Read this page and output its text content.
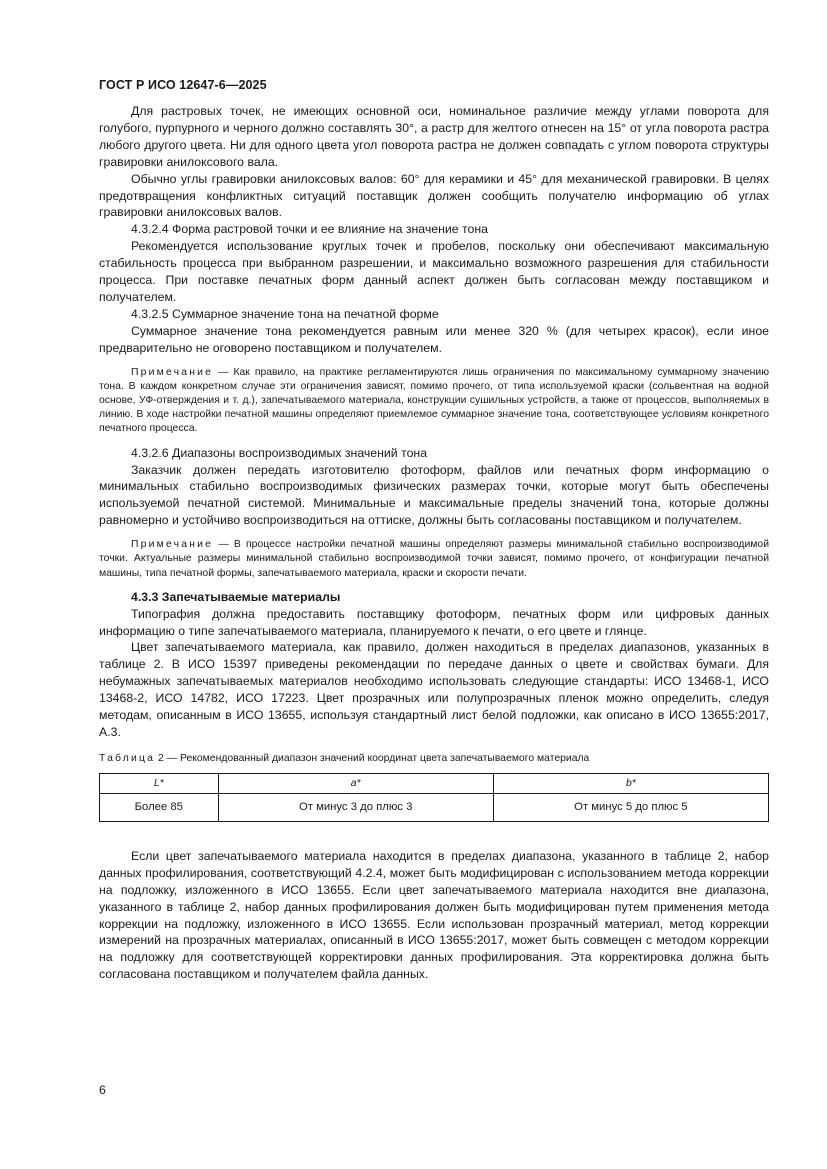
ГОСТ Р ИСО 12647-6—2025

Для растровых точек, не имеющих основной оси, номинальное различие между углами поворота для голубого, пурпурного и черного должно составлять 30°, а растр для желтого отнесен на 15° от угла поворота растра любого другого цвета. Ни для одного цвета угол поворота растра не должен совпадать с углом поворота структуры гравировки анилоксового вала.

Обычно углы гравировки анилоксовых валов: 60° для керамики и 45° для механической гравировки. В целях предотвращения конфликтных ситуаций поставщик должен сообщить получателю информацию об углах гравировки анилоксовых валов.

4.3.2.4 Форма растровой точки и ее влияние на значение тона

Рекомендуется использование круглых точек и пробелов, поскольку они обеспечивают максимальную стабильность процесса при выбранном разрешении, и максимально возможного разрешения для стабильности процесса. При поставке печатных форм данный аспект должен быть согласован между поставщиком и получателем.

4.3.2.5 Суммарное значение тона на печатной форме

Суммарное значение тона рекомендуется равным или менее 320 % (для четырех красок), если иное предварительно не оговорено поставщиком и получателем.

Примечание — Как правило, на практике регламентируются лишь ограничения по максимальному суммарному значению тона. В каждом конкретном случае эти ограничения зависят, помимо прочего, от типа используемой краски (сольвентная на водной основе, УФ-отверждения и т. д.), запечатываемого материала, конструкции сушильных устройств, а также от процессов, выполняемых в линию. В ходе настройки печатной машины определяют приемлемое суммарное значение тона, соответствующее условиям конкретного печатного процесса.

4.3.2.6 Диапазоны воспроизводимых значений тона

Заказчик должен передать изготовителю фотоформ, файлов или печатных форм информацию о минимальных стабильно воспроизводимых физических размерах точки, которые могут быть обеспечены используемой печатной системой. Минимальные и максимальные пределы значений тона, которые должны равномерно и устойчиво воспроизводиться на оттиске, должны быть согласованы поставщиком и получателем.

Примечание — В процессе настройки печатной машины определяют размеры минимальной стабильно воспроизводимой точки. Актуальные размеры минимальной стабильно воспроизводимой точки зависят, помимо прочего, от конфигурации печатной машины, типа печатной формы, запечатываемого материала, краски и скорости печати.

4.3.3 Запечатываемые материалы

Типография должна предоставить поставщику фотоформ, печатных форм или цифровых данных информацию о типе запечатываемого материала, планируемого к печати, о его цвете и глянце.

Цвет запечатываемого материала, как правило, должен находиться в пределах диапазонов, указанных в таблице 2. В ИСО 15397 приведены рекомендации по передаче данных о цвете и свойствах бумаги. Для небумажных запечатываемых материалов необходимо использовать следующие стандарты: ИСО 13468-1, ИСО 13468-2, ИСО 14782, ИСО 17223. Цвет прозрачных или полупрозрачных пленок можно определить, следуя методам, описанным в ИСО 13655, используя стандартный лист белой подложки, как описано в ИСО 13655:2017, А.3.

Таблица 2 — Рекомендованный диапазон значений координат цвета запечатываемого материала

L*	a*	b*
Более 85	От минус 3 до плюс 3	От минус 5 до плюс 5

Если цвет запечатываемого материала находится в пределах диапазона, указанного в таблице 2, набор данных профилирования, соответствующий 4.2.4, может быть модифицирован с использованием метода коррекции на подложку, изложенного в ИСО 13655. Если цвет запечатываемого материала находится вне диапазона, указанного в таблице 2, набор данных профилирования должен быть модифицирован путем применения метода коррекции на подложку, изложенного в ИСО 13655. Если использован прозрачный материал, метод коррекции измерений на прозрачных материалах, описанный в ИСО 13655:2017, может быть совмещен с методом коррекции на подложку для соответствующей корректировки данных профилирования. Эта корректировка должна быть согласована поставщиком и получателем файла данных.

6
